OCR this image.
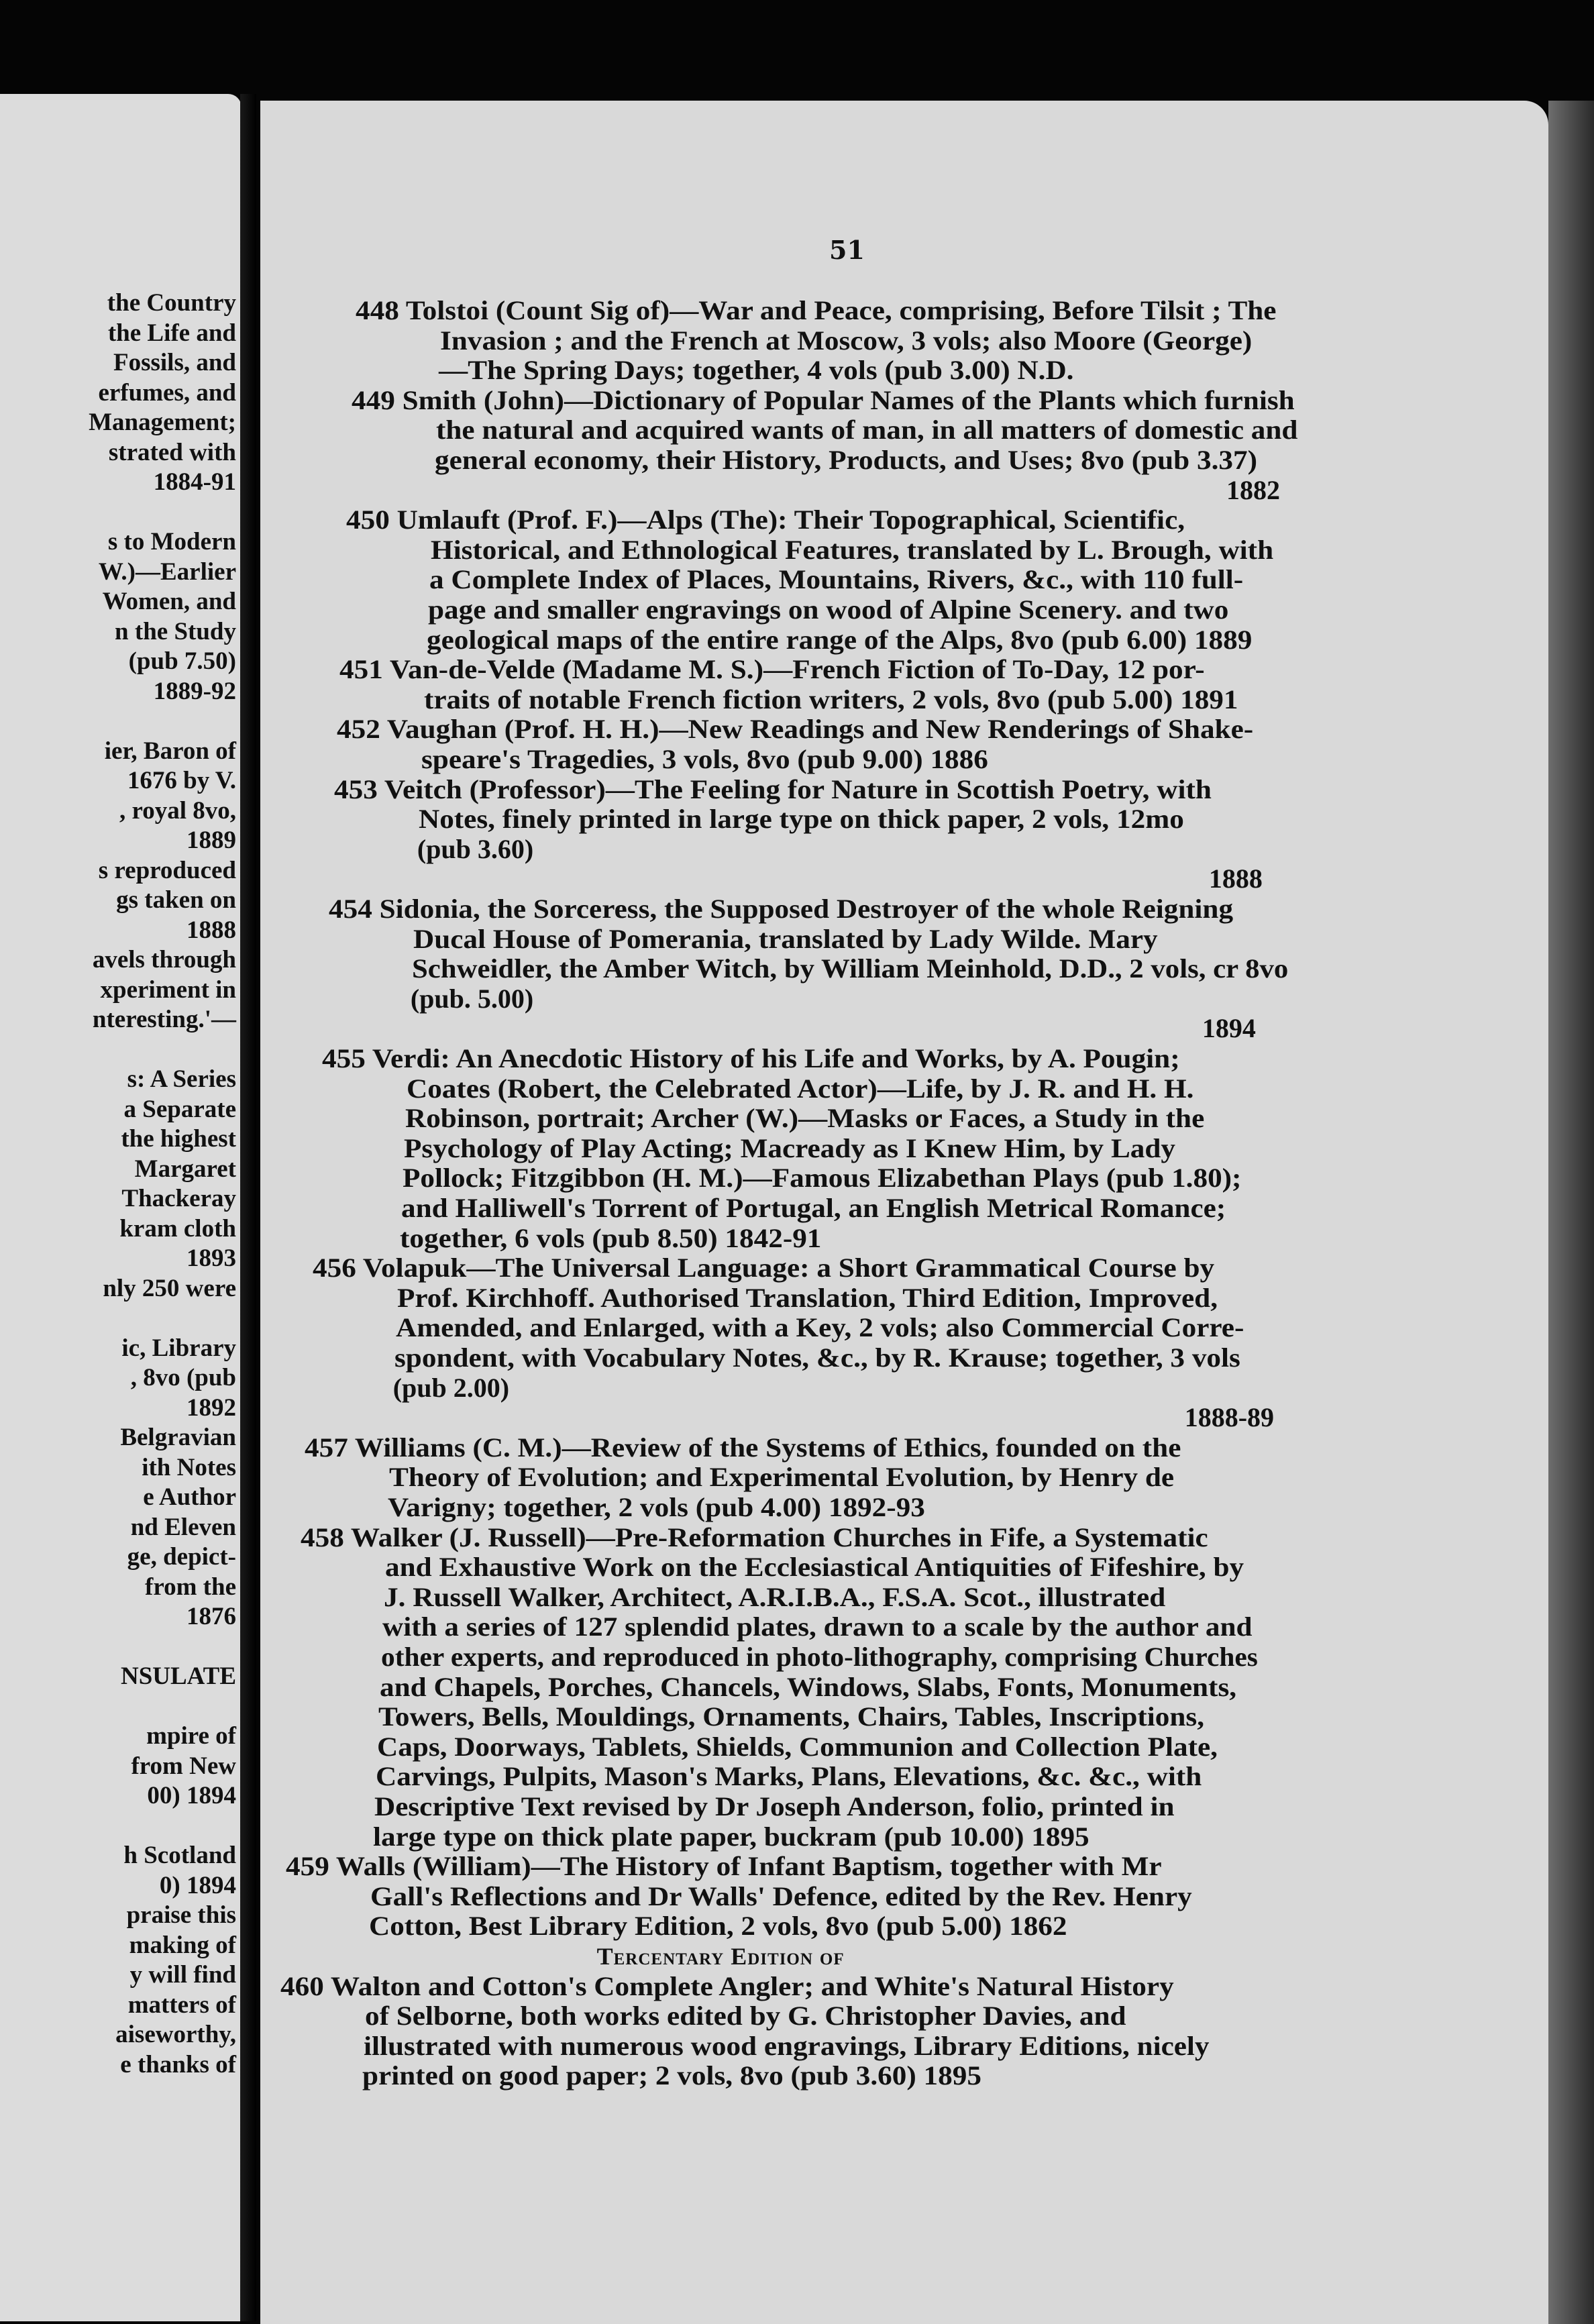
the Country
the Life and
Fossils, and
erfumes, and
Management;
strated with
1884-91

s to Modern
W.)—Earlier
Women, and
n the Study
(pub 7.50)
1889-92

ier, Baron of
1676 by V.
, royal 8vo,
1889
s reproduced
gs taken on
1888
avels through
xperiment in
nteresting.'—

s: A Series
a Separate
the highest
Margaret
Thackeray
kram cloth
1893
nly 250 were

ic, Library
, 8vo (pub
1892
Belgravian
ith Notes
e Author
nd Eleven
ge, depict-
from the
1876

NSULATE

mpire of
from New
00) 1894

h Scotland
0) 1894
praise this
making of
y will find
matters of
aiseworthy,
e thanks of
51
448 Tolstoi (Count Sig of)—War and Peace, comprising, Before Tilsit ; The
Invasion ; and the French at Moscow, 3 vols; also Moore (George)
—The Spring Days; together, 4 vols (pub 3.00) N.D.
449 Smith (John)—Dictionary of Popular Names of the Plants which furnish
the natural and acquired wants of man, in all matters of domestic and
general economy, their History, Products, and Uses; 8vo (pub 3.37)
1882
450 Umlauft (Prof. F.)—Alps (The): Their Topographical, Scientific,
Historical, and Ethnological Features, translated by L. Brough, with
a Complete Index of Places, Mountains, Rivers, &c., with 110 full-
page and smaller engravings on wood of Alpine Scenery. and two
geological maps of the entire range of the Alps, 8vo (pub 6.00) 1889
451 Van-de-Velde (Madame M. S.)—French Fiction of To-Day, 12 por-
traits of notable French fiction writers, 2 vols, 8vo (pub 5.00) 1891
452 Vaughan (Prof. H. H.)—New Readings and New Renderings of Shake-
speare's Tragedies, 3 vols, 8vo (pub 9.00) 1886
453 Veitch (Professor)—The Feeling for Nature in Scottish Poetry, with
Notes, finely printed in large type on thick paper, 2 vols, 12mo
(pub 3.60)
1888
454 Sidonia, the Sorceress, the Supposed Destroyer of the whole Reigning
Ducal House of Pomerania, translated by Lady Wilde. Mary
Schweidler, the Amber Witch, by William Meinhold, D.D., 2 vols, cr 8vo
(pub. 5.00)
1894
455 Verdi: An Anecdotic History of his Life and Works, by A. Pougin;
Coates (Robert, the Celebrated Actor)—Life, by J. R. and H. H.
Robinson, portrait; Archer (W.)—Masks or Faces, a Study in the
Psychology of Play Acting; Macready as I Knew Him, by Lady
Pollock; Fitzgibbon (H. M.)—Famous Elizabethan Plays (pub 1.80);
and Halliwell's Torrent of Portugal, an English Metrical Romance;
together, 6 vols (pub 8.50) 1842-91
456 Volapuk—The Universal Language: a Short Grammatical Course by
Prof. Kirchhoff. Authorised Translation, Third Edition, Improved,
Amended, and Enlarged, with a Key, 2 vols; also Commercial Corre-
spondent, with Vocabulary Notes, &c., by R. Krause; together, 3 vols
(pub 2.00)
1888-89
457 Williams (C. M.)—Review of the Systems of Ethics, founded on the
Theory of Evolution; and Experimental Evolution, by Henry de
Varigny; together, 2 vols (pub 4.00) 1892-93
458 Walker (J. Russell)—Pre-Reformation Churches in Fife, a Systematic
and Exhaustive Work on the Ecclesiastical Antiquities of Fifeshire, by
J. Russell Walker, Architect, A.R.I.B.A., F.S.A. Scot., illustrated
with a series of 127 splendid plates, drawn to a scale by the author and
other experts, and reproduced in photo-lithography, comprising Churches
and Chapels, Porches, Chancels, Windows, Slabs, Fonts, Monuments,
Towers, Bells, Mouldings, Ornaments, Chairs, Tables, Inscriptions,
Caps, Doorways, Tablets, Shields, Communion and Collection Plate,
Carvings, Pulpits, Mason's Marks, Plans, Elevations, &c. &c., with
Descriptive Text revised by Dr Joseph Anderson, folio, printed in
large type on thick plate paper, buckram (pub 10.00) 1895
459 Walls (William)—The History of Infant Baptism, together with Mr
Gall's Reflections and Dr Walls' Defence, edited by the Rev. Henry
Cotton, Best Library Edition, 2 vols, 8vo (pub 5.00) 1862
Tercentary Edition of
460 Walton and Cotton's Complete Angler; and White's Natural History
of Selborne, both works edited by G. Christopher Davies, and
illustrated with numerous wood engravings, Library Editions, nicely
printed on good paper; 2 vols, 8vo (pub 3.60) 1895
